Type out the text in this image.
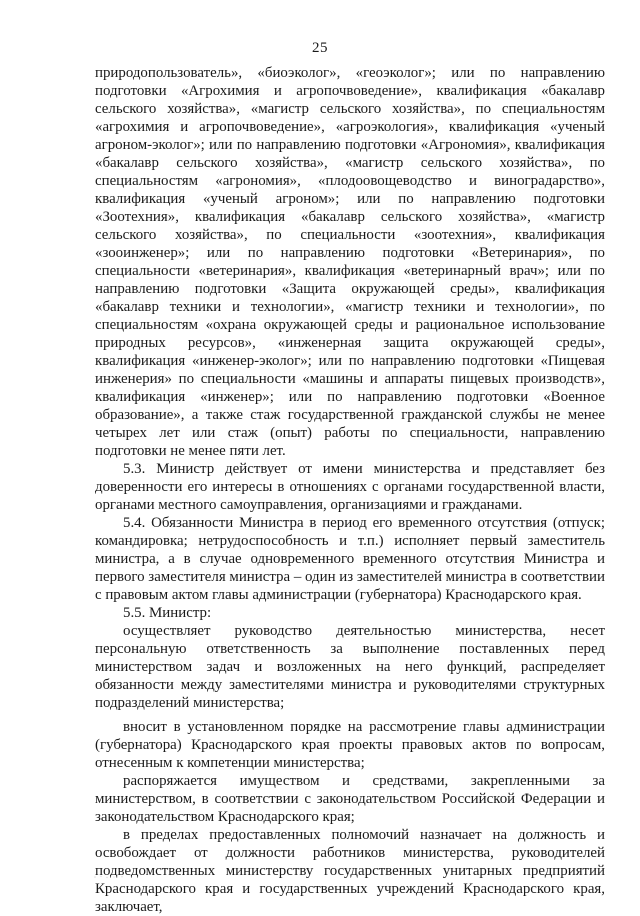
25

природопользователь», «биоэколог», «геоэколог»; или по направлению подготовки «Агрохимия и агропочвоведение», квалификация «бакалавр сельского хозяйства», «магистр сельского хозяйства», по специальностям «агрохимия и агропочвоведение», «агроэкология», квалификация «ученый агроном-эколог»; или по направлению подготовки «Агрономия», квалификация «бакалавр сельского хозяйства», «магистр сельского хозяйства», по специальностям «агрономия», «плодоовощеводство и виноградарство», квалификация «ученый агроном»; или по направлению подготовки «Зоотехния», квалификация «бакалавр сельского хозяйства», «магистр сельского хозяйства», по специальности «зоотехния», квалификация «зооинженер»; или по направлению подготовки «Ветеринария», по специальности «ветеринария», квалификация «ветеринарный врач»; или по направлению подготовки «Защита окружающей среды», квалификация «бакалавр техники и технологии», «магистр техники и технологии», по специальностям «охрана окружающей среды и рациональное использование природных ресурсов», «инженерная защита окружающей среды», квалификация «инженер-эколог»; или по направлению подготовки «Пищевая инженерия» по специальности «машины и аппараты пищевых производств», квалификация «инженер»; или по направлению подготовки «Военное образование», а также стаж государственной гражданской службы не менее четырех лет или стаж (опыт) работы по специальности, направлению подготовки не менее пяти лет.

5.3. Министр действует от имени министерства и представляет без доверенности его интересы в отношениях с органами государственной власти, органами местного самоуправления, организациями и гражданами.

5.4. Обязанности Министра в период его временного отсутствия (отпуск; командировка; нетрудоспособность и т.п.) исполняет первый заместитель министра, а в случае одновременного временного отсутствия Министра и первого заместителя министра – один из заместителей министра в соответствии с правовым актом главы администрации (губернатора) Краснодарского края.

5.5. Министр:

осуществляет руководство деятельностью министерства, несет персональную ответственность за выполнение поставленных перед министерством задач и возложенных на него функций, распределяет обязанности между заместителями министра и руководителями структурных подразделений министерства;

вносит в установленном порядке на рассмотрение главы администрации (губернатора) Краснодарского края проекты правовых актов по вопросам, отнесенным к компетенции министерства;

распоряжается имуществом и средствами, закрепленными за министерством, в соответствии с законодательством Российской Федерации и законодательством Краснодарского края;

в пределах предоставленных полномочий назначает на должность и освобождает от должности работников министерства, руководителей подведомственных министерству государственных унитарных предприятий Краснодарского края и государственных учреждений Краснодарского края, заключает,
